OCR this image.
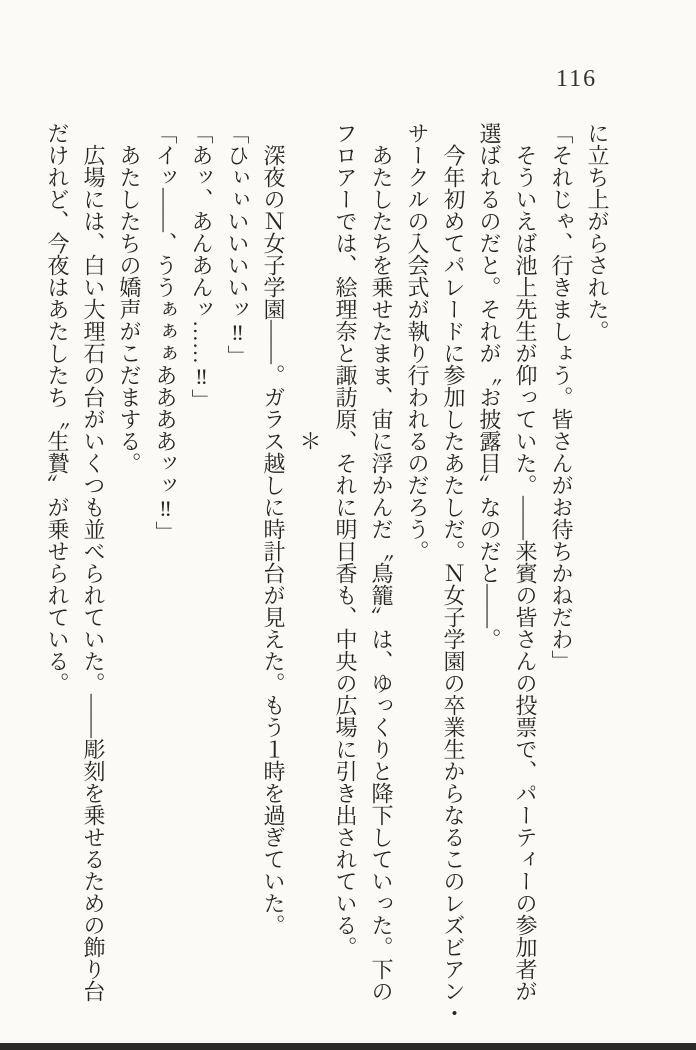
116

に立ち上がらされた。

「それじゃ、行きましょう。皆さんがお待ちかねだわ」

そういえば池上先生が仰っていた。――来賓の皆さんの投票で、パーティーの参加者が

選ばれるのだと。それが〝お披露目〟なのだと――。

今年初めてパレードに参加したあたしだ。Ｎ女子学園の卒業生からなるこのレズビアン・

サークルの入会式が執り行われるのだろう。

あたしたちを乗せたまま、宙に浮かんだ〝鳥籠〟は、ゆっくりと降下していった。下の

フロアーでは、絵理奈と諏訪原、それに明日香も、中央の広場に引き出されている。

＊

深夜のＮ女子学園――。ガラス越しに時計台が見えた。もう１時を過ぎていた。

「ひぃぃいいいいッ‼」

「あッ、あんあんッ……‼」

「イッ――、ううぁぁぁああああッッ‼」

あたしたちの嬌声がこだまする。

広場には、白い大理石の台がいくつも並べられていた。――彫刻を乗せるための飾り台

だけれど、今夜はあたしたち〝生贄〟が乗せられている。
